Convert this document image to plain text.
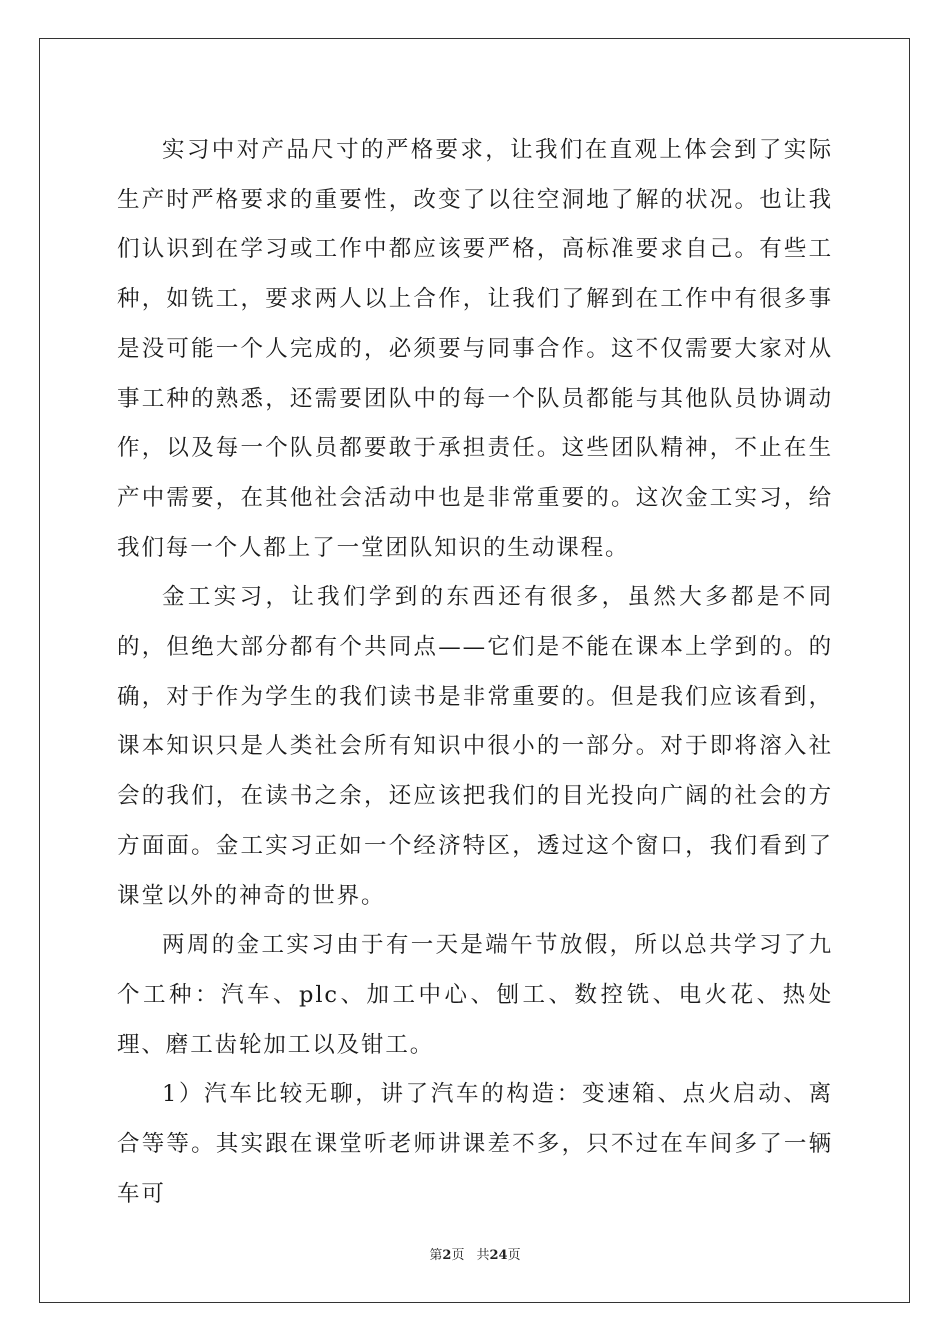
实习中对产品尺寸的严格要求，让我们在直观上体会到了实际生产时严格要求的重要性，改变了以往空洞地了解的状况。也让我们认识到在学习或工作中都应该要严格，高标准要求自己。有些工种，如铣工，要求两人以上合作，让我们了解到在工作中有很多事是没可能一个人完成的，必须要与同事合作。这不仅需要大家对从事工种的熟悉，还需要团队中的每一个队员都能与其他队员协调动作，以及每一个队员都要敢于承担责任。这些团队精神，不止在生产中需要，在其他社会活动中也是非常重要的。这次金工实习，给我们每一个人都上了一堂团队知识的生动课程。

金工实习，让我们学到的东西还有很多，虽然大多都是不同的，但绝大部分都有个共同点——它们是不能在课本上学到的。的确，对于作为学生的我们读书是非常重要的。但是我们应该看到，课本知识只是人类社会所有知识中很小的一部分。对于即将溶入社会的我们，在读书之余，还应该把我们的目光投向广阔的社会的方方面面。金工实习正如一个经济特区，透过这个窗口，我们看到了课堂以外的神奇的世界。

两周的金工实习由于有一天是端午节放假，所以总共学习了九个工种：汽车、plc、加工中心、刨工、数控铣、电火花、热处理、磨工齿轮加工以及钳工。

1）汽车比较无聊，讲了汽车的构造：变速箱、点火启动、离合等等。其实跟在课堂听老师讲课差不多，只不过在车间多了一辆车可

第2页 共24页
